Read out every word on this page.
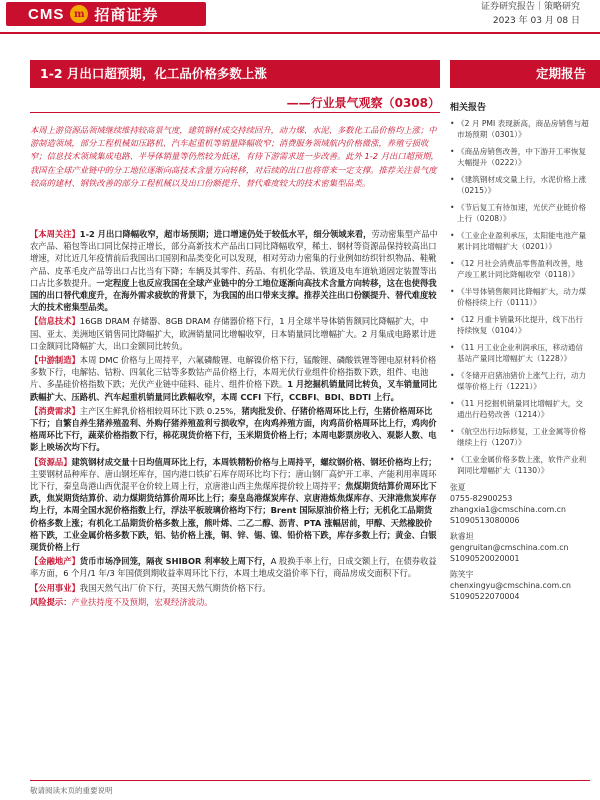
CMS m 招商证券	证券研究报告｜策略研究
2023 年 03 月 08 日
1-2 月出口超预期，化工品价格多数上涨
——行业景气观察（0308）
定期报告
本周上游资源品领域继续维持较高景气度，建筑钢材成交持续回升，动力煤、水泥、多数化工品价格均上涨；中游制造领域，部分工程机械如压路机、汽车起重机等销量降幅收窄；消费服务领域航内价格微涨，养殖亏损收窄；信息技术领域集成电路、半导体销量等仍然较为低迷，有待下游需求进一步改善。此外 1-2 月出口超预期，我国在全球产业链中的分工地位逐渐向高技术含量方向转移，对后续的出口也将带来一定支撑。推荐关注景气度较高的建材、钢铁改善的部分工程机械以及出口份额提升、替代难度较大的技术密集型品类。
【本周关注】1-2 月出口降幅收窄，超市场预期；进口增速仍处于较低水平，细分领域来看，劳动密集型产品中农产品、箱包等出口同比保持正增长，部分高新技术产品出口同比降幅收窄，稀土、钢材等资源品保持较高出口增速，对比近几年疫情前后我国出口国别和品类变化可以发现，相对劳动力密集的行业例如纺织针织物品、鞋靴产品、皮革毛皮产品等出口占比当有下降；车辆及其零件、药品、有机化学品、铁道及电车道轨道固定装置等出口占比多数提升。一定程度上也反应我国在全球产业链中的分工地位逐渐向高技术含量方向转移，这在也使得我国的出口替代难度升，在海外需求疲软的背景下，为我国的出口带来支撑。推荐关注出口份额提升、替代难度较大的技术密集型品类。
【信息技术】16GB DRAM 存储器、8GB DRAM 存储器价格下行，1 月全球半导体销售额同比降幅扩大，中国、亚太、美洲地区销售同比降幅扩大，欧洲销量同比增幅收窄，日本销量同比增幅扩大。2 月集成电路累计进口金额同比降幅扩大，出口金额同比转负。
【中游制造】本周 DMC 价格与上周持平，六氟磷酸锂、电解镍价格下行，锰酸锂、磷酸铁锂等锂电原材料价格多数下行，电解钴、钴粉、四氧化三钴等多数钴产品价格上行，本周光伏行业组件价格指数下跌，组件、电池片、多晶硅价格指数下跌；光伏产业链中硅料、硅片、组件价格下跌。1 月挖掘机销量同比转负，叉车销量同比跌幅扩大、压路机、汽车起重机销量同比跌幅收窄，本周 CCFI 下行，CCBFI、BDI、BDTI 上行。
【消费需求】主产区生鲜乳价格相较周环比下跌 0.25%，猪肉批发价、仔猪价格周环比上行，生猪价格周环比下行；自繁自养生猪养殖盈利、外购仔猪养殖盈利亏损收窄，在肉鸡养殖方面，肉鸡苗价格周环比上行，鸡肉价格周环比下行，蔬菜价格指数下行，棉花现货价格下行，玉米期货价格上行；本周电影票房收入、观影人数、电影上映场次均下行。
【资源品】建筑钢材成交量十日均值周环比上行，本周铁精粉价格与上周持平，螺纹钢价格、钢坯价格均上行；主要钢材品种库存、唐山钢坯库存，国内港口铁矿石库存周环比均下行；唐山钢厂高炉开工率、产能利用率周环比下行，秦皇岛港山西优混平仓价较上周上行，京唐港山西主焦煤库提价较上周持平；焦煤期货结算价周环比下跌，焦炭期货结算价、动力煤期货结算价周环比上行；秦皇岛港煤炭库存、京唐港炼焦煤库存、天津港焦炭库存均上行，本周全国水泥价格指数上行，浮法平板玻璃价格均下行；Brent 国际原油价格上行；无机化工品期货价格多数上涨；有机化工品期货价格多数上涨，熊叶烯、二乙二醇、沥青、PTA 涨幅居前，甲醇、天然橡胶价格下跌，工业金属价格多数下跌，铝、钴价格上涨，铜、锌、锡、镍、铅价格下跌，库存多数上行；黄金、白银现货价格上行
【金融地产】货币市场净回笼，隔夜 SHIBOR 利率较上周下行，A 股换手率上行，日成交额上行，在债券收益率方面，6 个月/1 年/3 年国债到期收益率周环比下行，本周土地成交溢价率下行，商品房成交面积下行。
【公用事业】我国天然气出厂价下行，英国天然气期货价格下行。
风险提示：产业扶持度不及预期，宏观经济波动。
相关报告
• 《2 月 PMI 表现新高，商品房销售与超市场预期（0301）》
• 《商品房销售改善，中下游开工率恢复大幅提升（0222）》
• 《建筑钢材成交量上行，水泥价格上涨（0215）》
• 《节后复工有待加速，光伏产业链价格上行（0208）》
• 《工业企业盈利承压，太阳能电池产量累计同比增幅扩大（0201）》
• 《12 月社会消费品零售盈利改善，地产竣工累计同比降幅收窄（0118）》
• 《半导体销售额同比降幅扩大，动力煤价格持续上行（0111）》
• 《12 月重卡销量环比提升，线下出行持续恢复（0104）》
• 《11 月工业企业利润承压，移动通信基站产量同比增幅扩大（1228）》
• 《冬储开启猪油猪价上涨气上行，动力煤等价格上行（1221）》
• 《11 月挖掘机销量同比增幅扩大，交通出行趋势改善（1214）》
• 《航空出行边际修复，工业金属等价格继续上行（1207）》
• 《工业金属价格多数上涨，软件产业利润同比增幅扩大（1130）》
张夏
0755-82900253
zhangxia1@cmschina.com.cn
S1090513080006
耿睿坦
gengruitan@cmschina.com.cn
S1090520020001
陈笑宇
chenxingyu@cmschina.com.cn
S1090522070004
敬请阅读末页的重要说明
